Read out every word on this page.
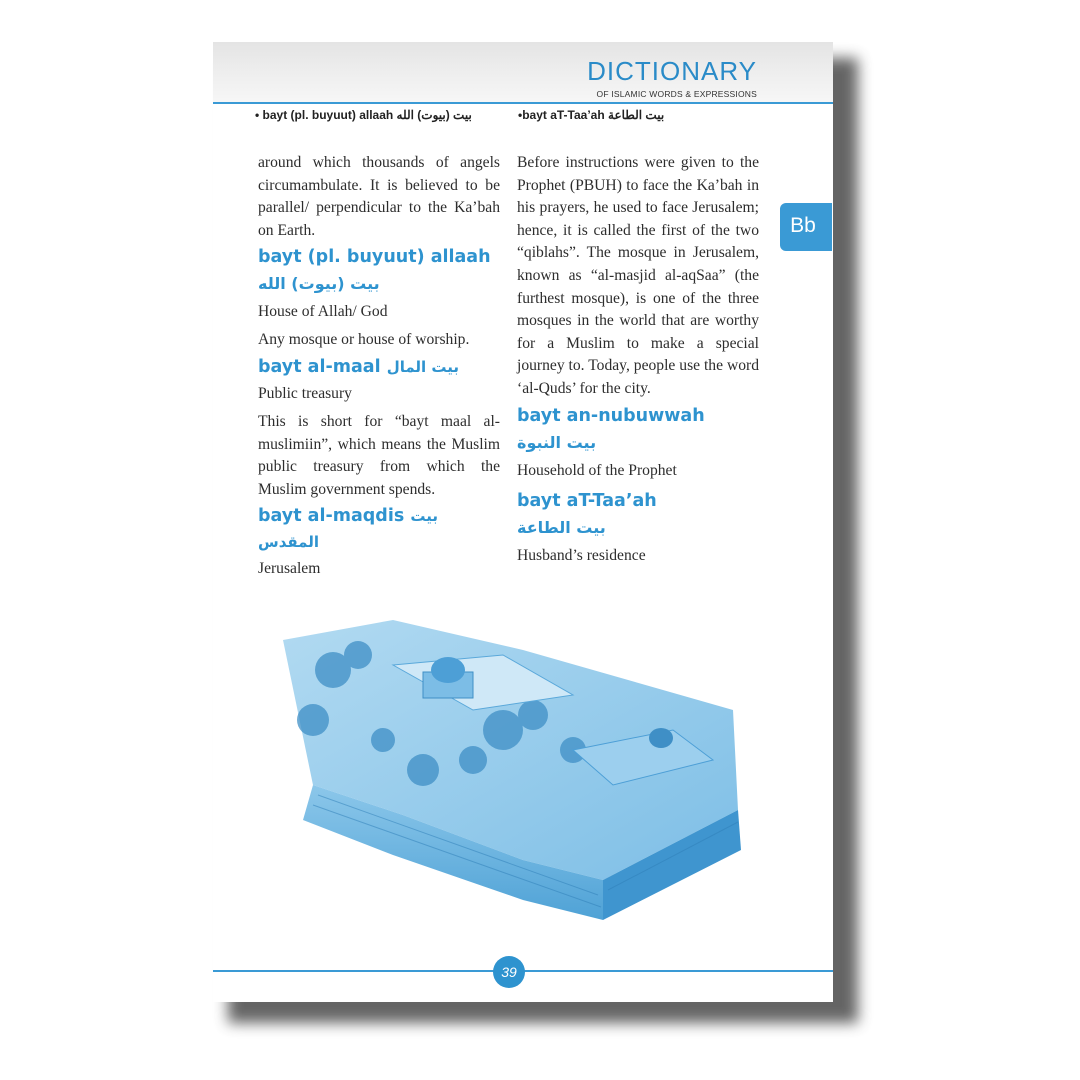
DICTIONARY
OF ISLAMIC WORDS & EXPRESSIONS
• bayt (pl. buyuut) allaah بيت (بيوت) الله	•bayt aT-Taa’ah بيت الطاعة

around which thousands of angels circumambulate. It is believed to be parallel/ perpendicular to the Ka’bah on Earth.

bayt (pl. buyuut) allaah

بيت (بيوت) الله

House of Allah/ God

Any mosque or house of worship.

bayt al-maal بيت المال

Public treasury

This is short for “bayt maal al-muslimiin”, which means the Muslim public treasury from which the Muslim government spends.

bayt al-maqdis بيت المقدس

Jerusalem

Before instructions were given to the Prophet (PBUH) to face the Ka’bah in his prayers, he used to face Jerusalem; hence, it is called the first of the two “qiblahs”. The mosque in Jerusalem, known as “al-masjid al-aqSaa” (the furthest mosque), is one of the three mosques in the world that are worthy for a Muslim to make a special journey to. Today, people use the word ‘al-Quds’ for the city.

bayt an-nubuwwah

بيت النبوة

Household of the Prophet

bayt aT-Taa’ah

بيت الطاعة

Husband’s residence

39
Bb
